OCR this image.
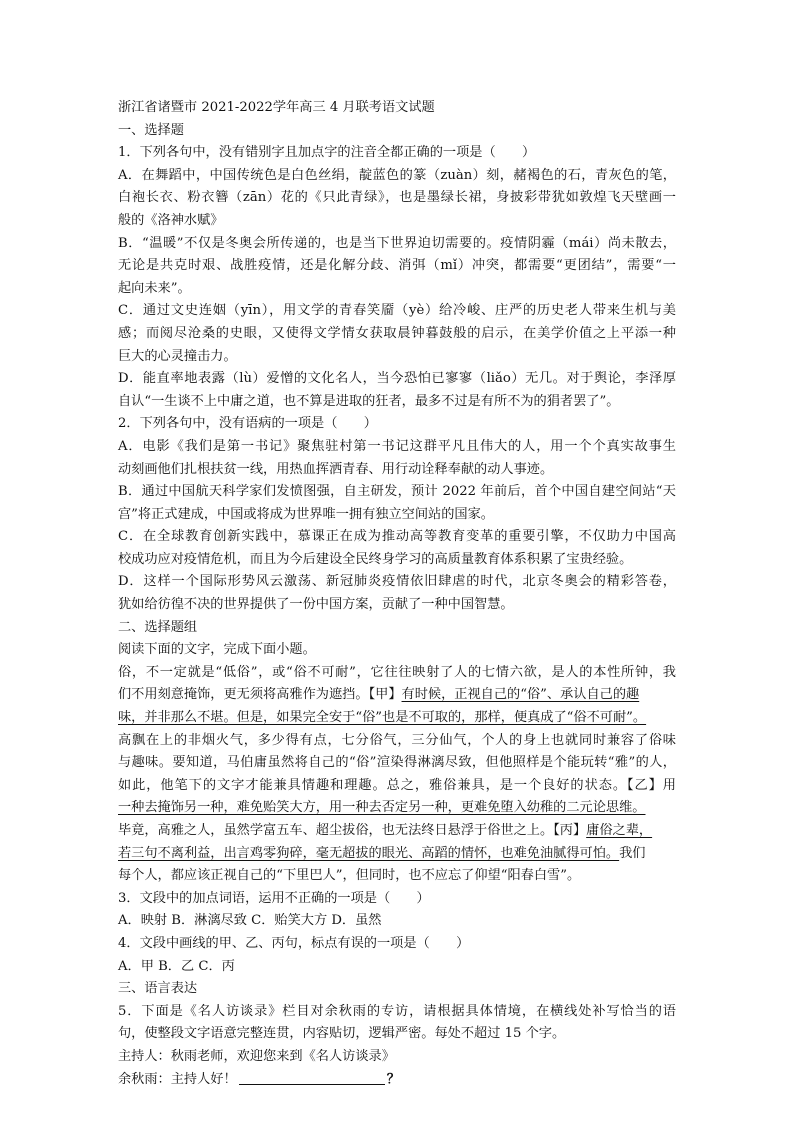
浙江省诸暨市 2021-2022学年高三 4 月联考语文试题
一、选择题
1．下列各句中，没有错别字且加点字的注音全都正确的一项是（　　）
A．在舞蹈中，中国传统色是白色丝绢，靛蓝色的篆（zuàn）刻，赭褐色的石，青灰色的笔，
白袍长衣、粉衣簪（zān）花的《只此青绿》，也是墨绿长裙，身披彩带犹如敦煌飞天壁画一
般的《洛神水赋》
B．“温暖”不仅是冬奥会所传递的，也是当下世界迫切需要的。疫情阴霾（mái）尚未散去，
无论是共克时艰、战胜疫情，还是化解分歧、消弭（mǐ）冲突，都需要“更团结”，需要“一
起向未来”。
C．通过文史连姻（yīn），用文学的青春笑靥（yè）给冷峻、庄严的历史老人带来生机与美
感；而阅尽沧桑的史眼，又使得文学情女获取晨钟暮鼓般的启示，在美学价值之上平添一种
巨大的心灵撞击力。
D．能直率地表露（lù）爱憎的文化名人，当今恐怕已寥寥（liǎo）无几。对于舆论，李泽厚
自认“一生谈不上中庸之道，也不算是进取的狂者，最多不过是有所不为的狷者罢了”。
2．下列各句中，没有语病的一项是（　　）
A．电影《我们是第一书记》聚焦驻村第一书记这群平凡且伟大的人，用一个个真实故事生
动刻画他们扎根扶贫一线，用热血挥洒青春、用行动诠释奉献的动人事迹。
B．通过中国航天科学家们发愤图强，自主研发，预计 2022 年前后，首个中国自建空间站“天
宫”将正式建成，中国或将成为世界唯一拥有独立空间站的国家。
C．在全球教育创新实践中，慕课正在成为推动高等教育变革的重要引擎，不仅助力中国高
校成功应对疫情危机，而且为今后建设全民终身学习的高质量教育体系积累了宝贵经验。
D．这样一个国际形势风云激荡、新冠肺炎疫情依旧肆虐的时代，北京冬奥会的精彩答卷，
犹如给彷徨不决的世界提供了一份中国方案，贡献了一种中国智慧。
二、选择题组
阅读下面的文字，完成下面小题。
俗，不一定就是“低俗”，或“俗不可耐”，它往往映射了人的七情六欲，是人的本性所钟，我
们不用刻意掩饰，更无须将高雅作为遮挡。【甲】有时候，正视自己的“俗”、承认自己的趣
味，并非那么不堪。但是，如果完全安于“俗”也是不可取的，那样，便真成了“俗不可耐”。
高飘在上的非烟火气，多少得有点，七分俗气，三分仙气，个人的身上也就同时兼容了俗味
与趣味。要知道，马伯庸虽然将自己的“俗”渲染得淋漓尽致，但他照样是个能玩转“雅”的人，
如此，他笔下的文字才能兼具情趣和理趣。总之，雅俗兼具，是一个良好的状态。【乙】用
一种去掩饰另一种，难免贻笑大方，用一种去否定另一种，更难免堕入幼稚的二元论思维。
毕竟，高雅之人，虽然学富五车、超尘拔俗，也无法终日悬浮于俗世之上。【丙】庸俗之辈，
若三句不离利益，出言鸡零狗碎，毫无超拔的眼光、高蹈的情怀，也难免油腻得可怕。我们
每个人，都应该正视自己的“下里巴人”，但同时，也不应忘了仰望“阳春白雪”。
3．文段中的加点词语，运用不正确的一项是（　　）
A．映射 B．淋漓尽致 C．贻笑大方 D．虽然
4．文段中画线的甲、乙、丙句，标点有误的一项是（　　）
A．甲 B．乙 C．丙
三、语言表达
5．下面是《名人访谈录》栏目对余秋雨的专访，请根据具体情境，在横线处补写恰当的语
句，使整段文字语意完整连贯，内容贴切，逻辑严密。每处不超过 15 个字。
主持人：秋雨老师，欢迎您来到《名人访谈录》
余秋雨：主持人好！	？
